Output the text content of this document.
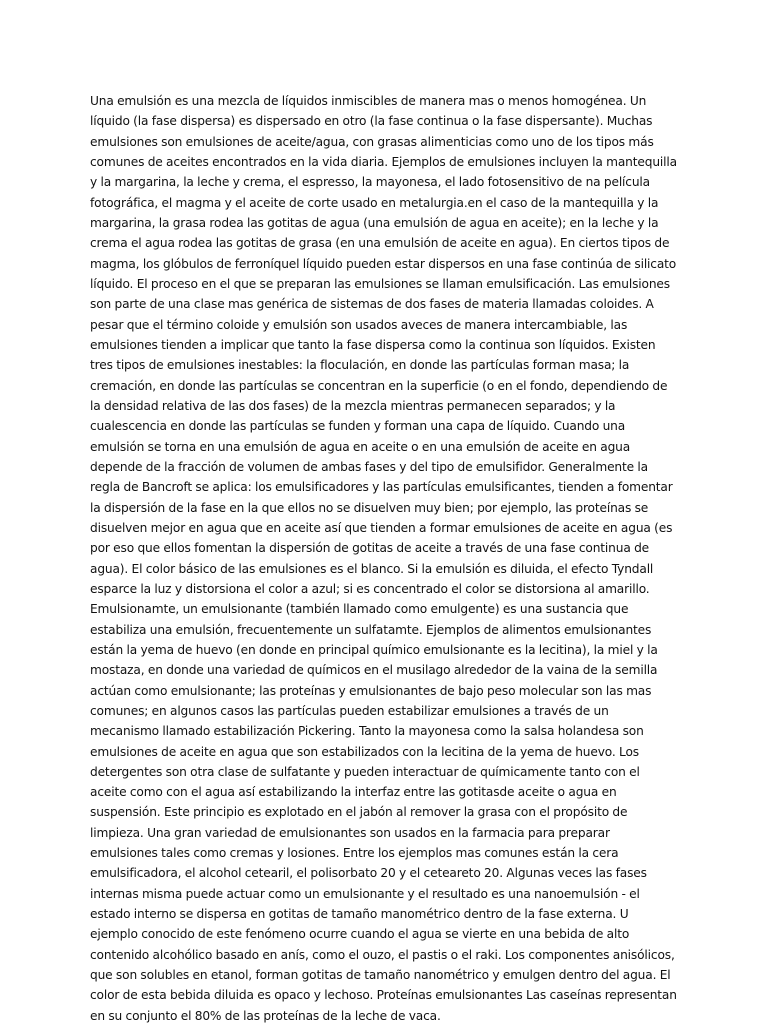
Una emulsión es una mezcla de líquidos inmiscibles de manera mas o menos homogénea. Un líquido (la fase dispersa) es dispersado en otro (la fase continua o la fase dispersante). Muchas emulsiones son emulsiones de aceite/agua, con grasas alimenticias como uno de los tipos más comunes de aceites encontrados en la vida diaria. Ejemplos de emulsiones incluyen la mantequilla y la margarina, la leche y crema, el espresso, la mayonesa, el lado fotosensitivo de na película fotográfica, el magma y el aceite de corte usado en metalurgia.en el caso de la mantequilla y la margarina, la grasa rodea las gotitas de agua (una emulsión de agua en aceite); en la leche y la crema el agua rodea las gotitas de grasa (en una emulsión de aceite en agua). En ciertos tipos de magma, los glóbulos de ferroníquel líquido pueden estar dispersos en una fase continúa de silicato líquido. El proceso en el que se preparan las emulsiones se llaman emulsificación. Las emulsiones son parte de una clase mas genérica de sistemas de dos fases de materia llamadas coloides. A pesar que el término coloide y emulsión son usados aveces de manera intercambiable, las emulsiones tienden a implicar que tanto la fase dispersa como la continua son líquidos. Existen tres tipos de emulsiones inestables: la floculación, en donde las partículas forman masa; la cremación, en donde las partículas se concentran en la superficie (o en el fondo, dependiendo de la densidad relativa de las dos fases) de la mezcla mientras permanecen separados; y la cualescencia en donde las partículas se funden y forman una capa de líquido. Cuando una emulsión se torna en una emulsión de agua en aceite o en una emulsión de aceite en agua depende de la fracción de volumen de ambas fases y del tipo de emulsifidor. Generalmente la regla de Bancroft se aplica: los emulsificadores y las partículas emulsificantes, tienden a fomentar la dispersión de la fase en la que ellos no se disuelven muy bien; por ejemplo, las proteínas se disuelven mejor en agua que en aceite así que tienden a formar emulsiones de aceite en agua (es por eso que ellos fomentan la dispersión de gotitas de aceite a través de una fase continua de agua). El color básico de las emulsiones es el blanco. Si la emulsión es diluida, el efecto Tyndall esparce la luz y distorsiona el color a azul; si es concentrado el color se distorsiona al amarillo. Emulsionamte, un emulsionante (también llamado como emulgente) es una sustancia que estabiliza una emulsión, frecuentemente un sulfatamte. Ejemplos de alimentos emulsionantes están la yema de huevo (en donde en principal químico emulsionante es la lecitina), la miel y la mostaza, en donde una variedad de químicos en el musilago alrededor de la vaina de la semilla actúan como emulsionante; las proteínas y emulsionantes de bajo peso molecular son las mas comunes; en algunos casos las partículas pueden estabilizar emulsiones a través de un mecanismo llamado estabilización Pickering. Tanto la mayonesa como la salsa holandesa son emulsiones de aceite en agua que son estabilizados con la lecitina de la yema de huevo. Los detergentes son otra clase de sulfatante y pueden interactuar de químicamente tanto con el aceite como con el agua así estabilizando la interfaz entre las gotitasde aceite o agua en suspensión. Este principio es explotado en el jabón al remover la grasa con el propósito de limpieza. Una gran variedad de emulsionantes son usados en la farmacia para preparar emulsiones tales como cremas y losiones. Entre los ejemplos mas comunes están la cera emulsificadora, el alcohol cetearil, el polisorbato 20 y el ceteareto 20. Algunas veces las fases internas misma puede actuar como un emulsionante y el resultado es una nanoemulsión - el estado interno se dispersa en gotitas de tamaño manométrico dentro de la fase externa. U ejemplo conocido de este fenómeno ocurre cuando el agua se vierte en una bebida de alto contenido alcohólico basado en anís, como el ouzo, el pastis o el raki. Los componentes anisólicos, que son solubles en etanol, forman gotitas de tamaño nanométrico y emulgen dentro del agua. El color de esta bebida diluida es opaco y lechoso. Proteínas emulsionantes Las caseínas representan en su conjunto el 80% de las proteínas de la leche de vaca.
